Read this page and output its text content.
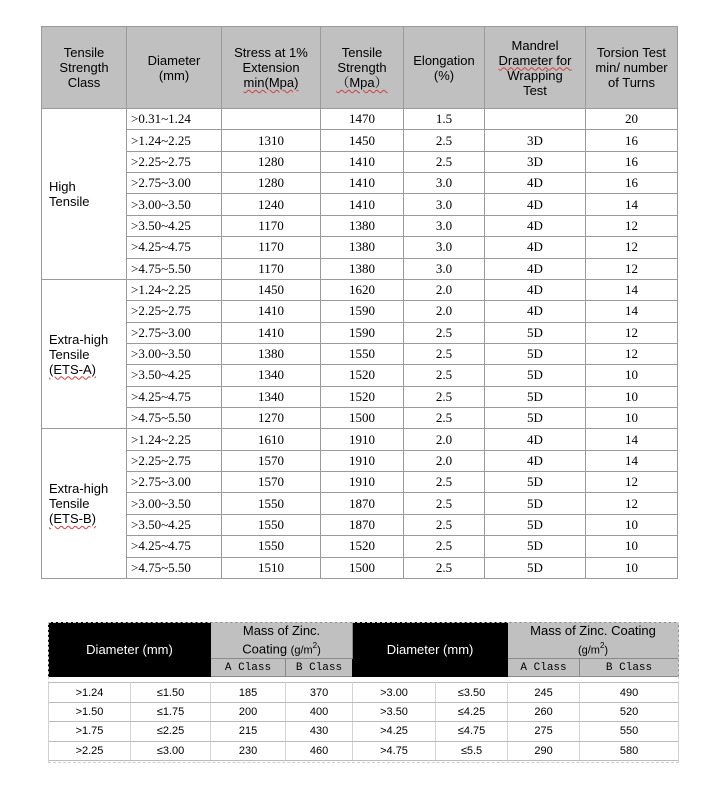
Tensile
Strength
Class	Diameter
(mm)	Stress at 1%
Extension
min(Mpa)	Tensile
Strength
（Mpa）	Elongation
(%)	Mandrel
Drameter for
Wrapping
Test	Torsion Test
min/ number
of Turns
High
Tensile	>0.31~1.24		1470	1.5		20
	>1.24~2.25	1310	1450	2.5	3D	16
	>2.25~2.75	1280	1410	2.5	3D	16
	>2.75~3.00	1280	1410	3.0	4D	16
	>3.00~3.50	1240	1410	3.0	4D	14
	>3.50~4.25	1170	1380	3.0	4D	12
	>4.25~4.75	1170	1380	3.0	4D	12
	>4.75~5.50	1170	1380	3.0	4D	12
Extra-high
Tensile
(ETS-A)	>1.24~2.25	1450	1620	2.0	4D	14
	>2.25~2.75	1410	1590	2.0	4D	14
	>2.75~3.00	1410	1590	2.5	5D	12
	>3.00~3.50	1380	1550	2.5	5D	12
	>3.50~4.25	1340	1520	2.5	5D	10
	>4.25~4.75	1340	1520	2.5	5D	10
	>4.75~5.50	1270	1500	2.5	5D	10
Extra-high
Tensile
(ETS-B)	>1.24~2.25	1610	1910	2.0	4D	14
	>2.25~2.75	1570	1910	2.0	4D	14
	>2.75~3.00	1570	1910	2.5	5D	12
	>3.00~3.50	1550	1870	2.5	5D	12
	>3.50~4.25	1550	1870	2.5	5D	10
	>4.25~4.75	1550	1520	2.5	5D	10
	>4.75~5.50	1510	1500	2.5	5D	10
Diameter (mm)		Mass of Zinc.
Coating $(g/m^2)$		Diameter (mm)		Mass of Zinc. Coating
$(g/m^2)$	
		A Class	B Class			A Class	B Class

>1.24	≤1.50	185	370	>3.00	≤3.50	245	490
>1.50	≤1.75	200	400	>3.50	≤4.25	260	520
>1.75	≤2.25	215	430	>4.25	≤4.75	275	550
>2.25	≤3.00	230	460	>4.75	≤5.5	290	580
